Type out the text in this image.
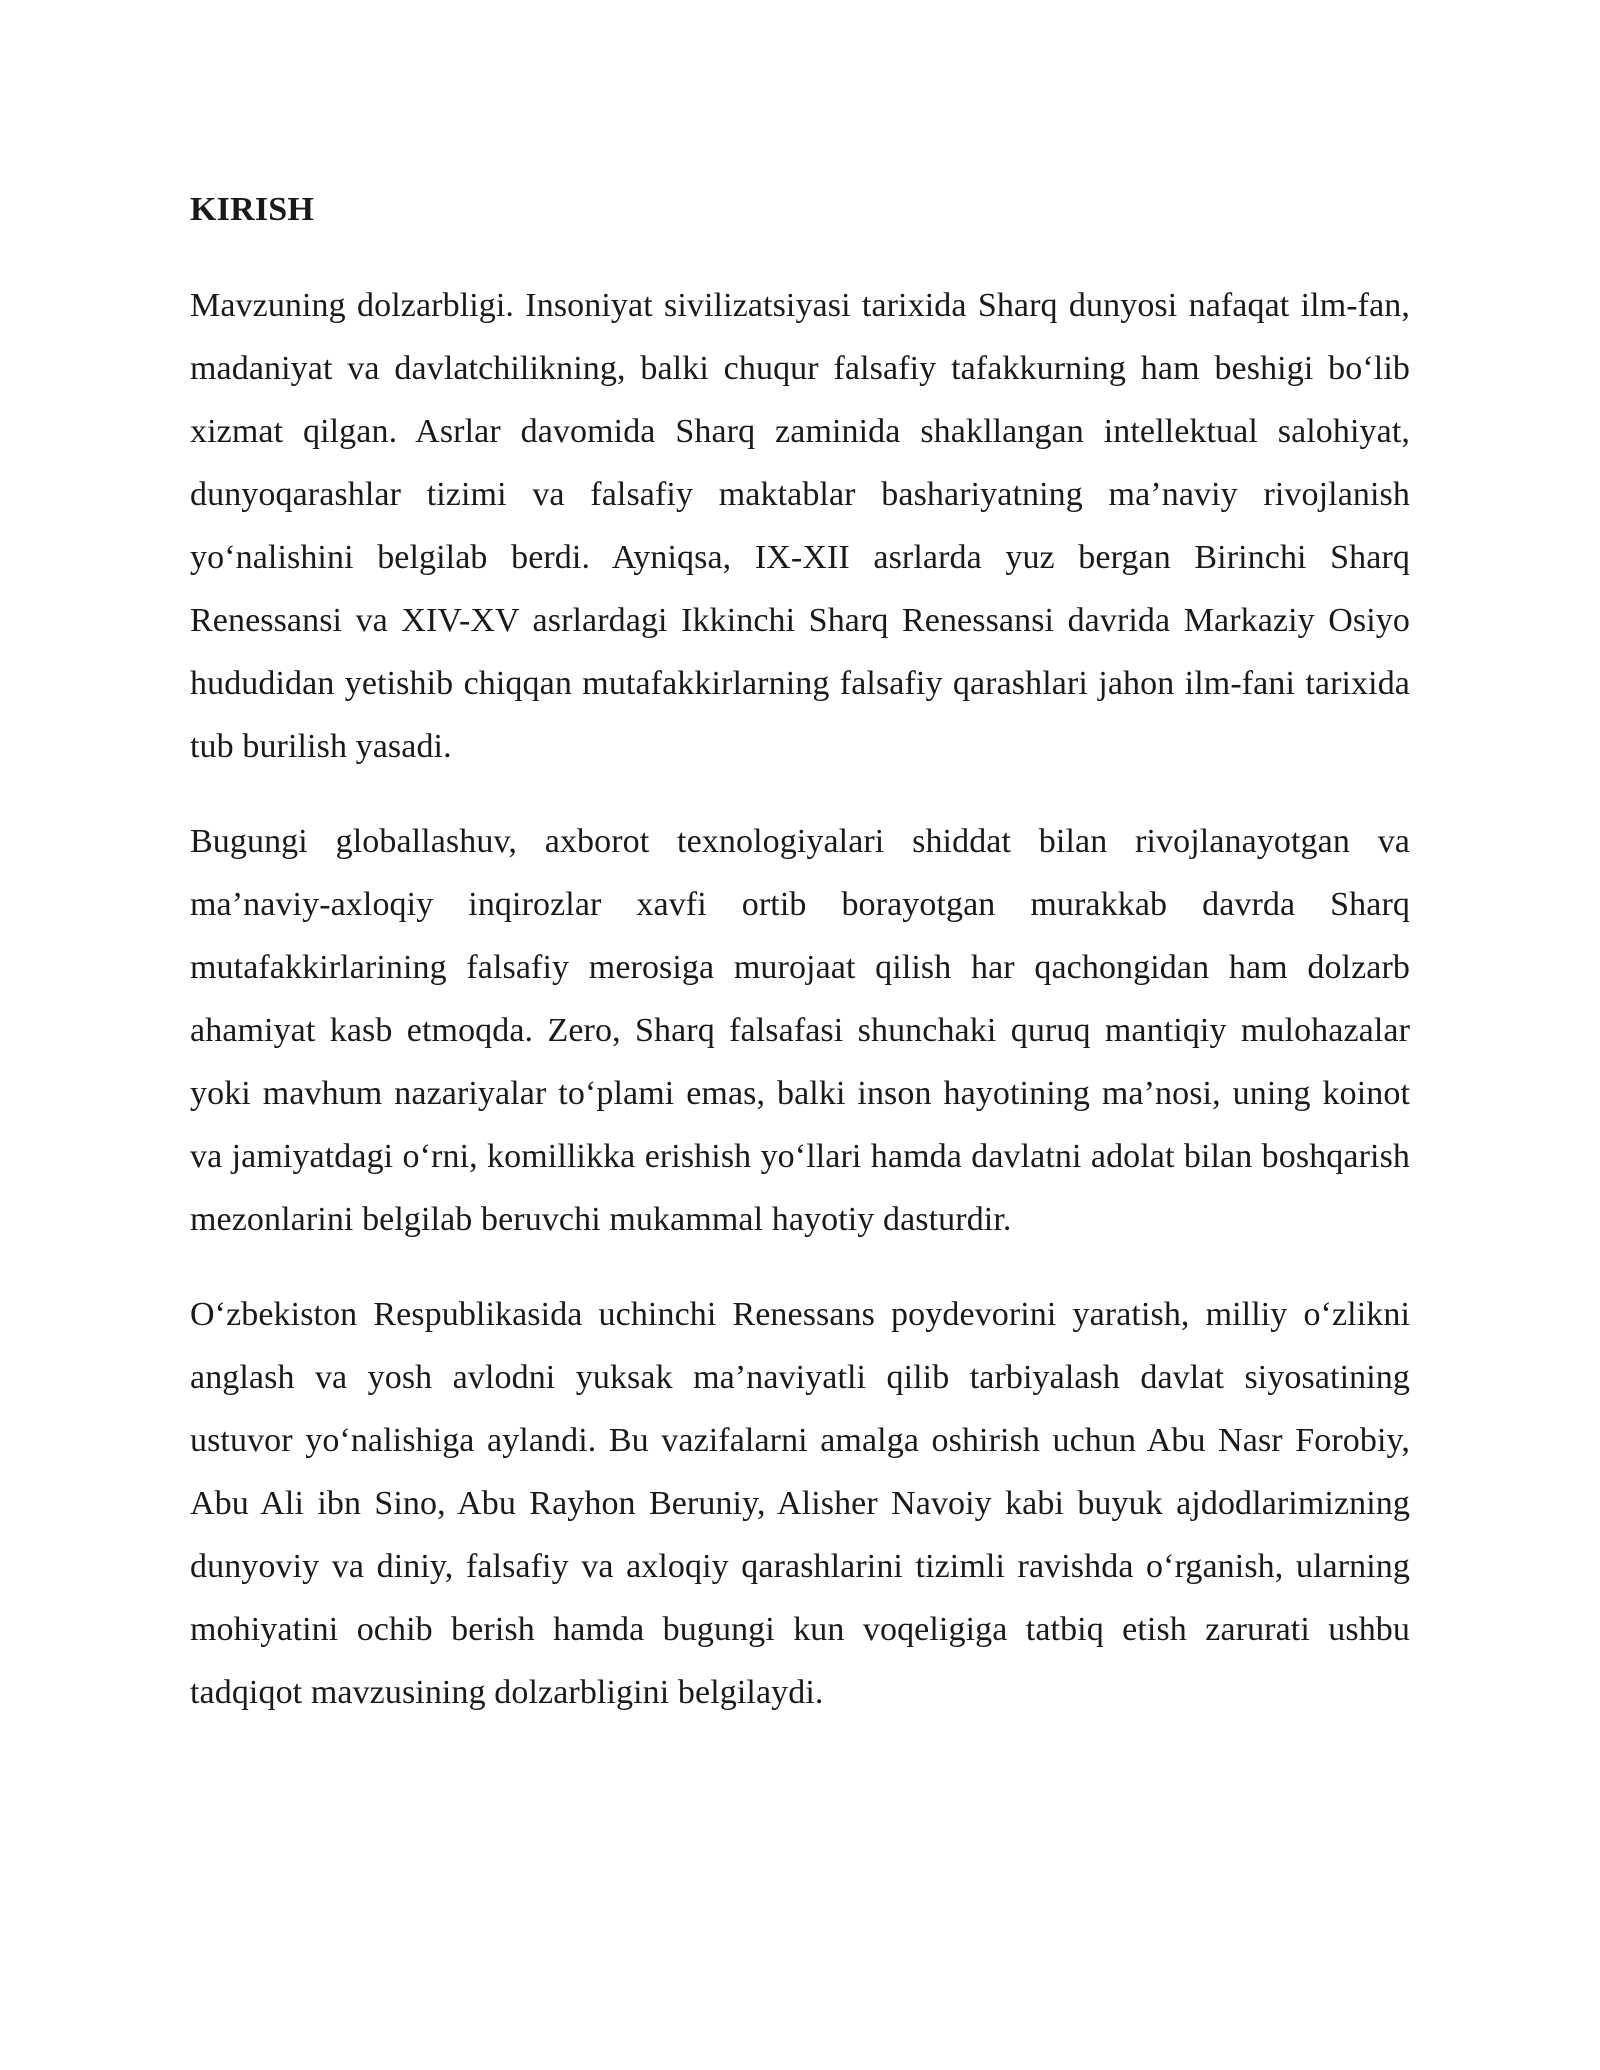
KIRISH

Mavzuning dolzarbligi. Insoniyat sivilizatsiyasi tarixida Sharq dunyosi nafaqat ilm-fan, madaniyat va davlatchilikning, balki chuqur falsafiy tafakkurning ham beshigi bo‘lib xizmat qilgan. Asrlar davomida Sharq zaminida shakllangan intellektual salohiyat, dunyoqarashlar tizimi va falsafiy maktablar bashariyatning ma’naviy rivojlanish yo‘nalishini belgilab berdi. Ayniqsa, IX-XII asrlarda yuz bergan Birinchi Sharq Renessansi va XIV-XV asrlardagi Ikkinchi Sharq Renessansi davrida Markaziy Osiyo hududidan yetishib chiqqan mutafakkirlarning falsafiy qarashlari jahon ilm-fani tarixida tub burilish yasadi.

Bugungi globallashuv, axborot texnologiyalari shiddat bilan rivojlanayotgan va ma’naviy-axloqiy inqirozlar xavfi ortib borayotgan murakkab davrda Sharq mutafakkirlarining falsafiy merosiga murojaat qilish har qachongidan ham dolzarb ahamiyat kasb etmoqda. Zero, Sharq falsafasi shunchaki quruq mantiqiy mulohazalar yoki mavhum nazariyalar to‘plami emas, balki inson hayotining ma’nosi, uning koinot va jamiyatdagi o‘rni, komillikka erishish yo‘llari hamda davlatni adolat bilan boshqarish mezonlarini belgilab beruvchi mukammal hayotiy dasturdir.

O‘zbekiston Respublikasida uchinchi Renessans poydevorini yaratish, milliy o‘zlikni anglash va yosh avlodni yuksak ma’naviyatli qilib tarbiyalash davlat siyosatining ustuvor yo‘nalishiga aylandi. Bu vazifalarni amalga oshirish uchun Abu Nasr Forobiy, Abu Ali ibn Sino, Abu Rayhon Beruniy, Alisher Navoiy kabi buyuk ajdodlarimizning dunyoviy va diniy, falsafiy va axloqiy qarashlarini tizimli ravishda o‘rganish, ularning mohiyatini ochib berish hamda bugungi kun voqeligiga tatbiq etish zarurati ushbu tadqiqot mavzusining dolzarbligini belgilaydi.
